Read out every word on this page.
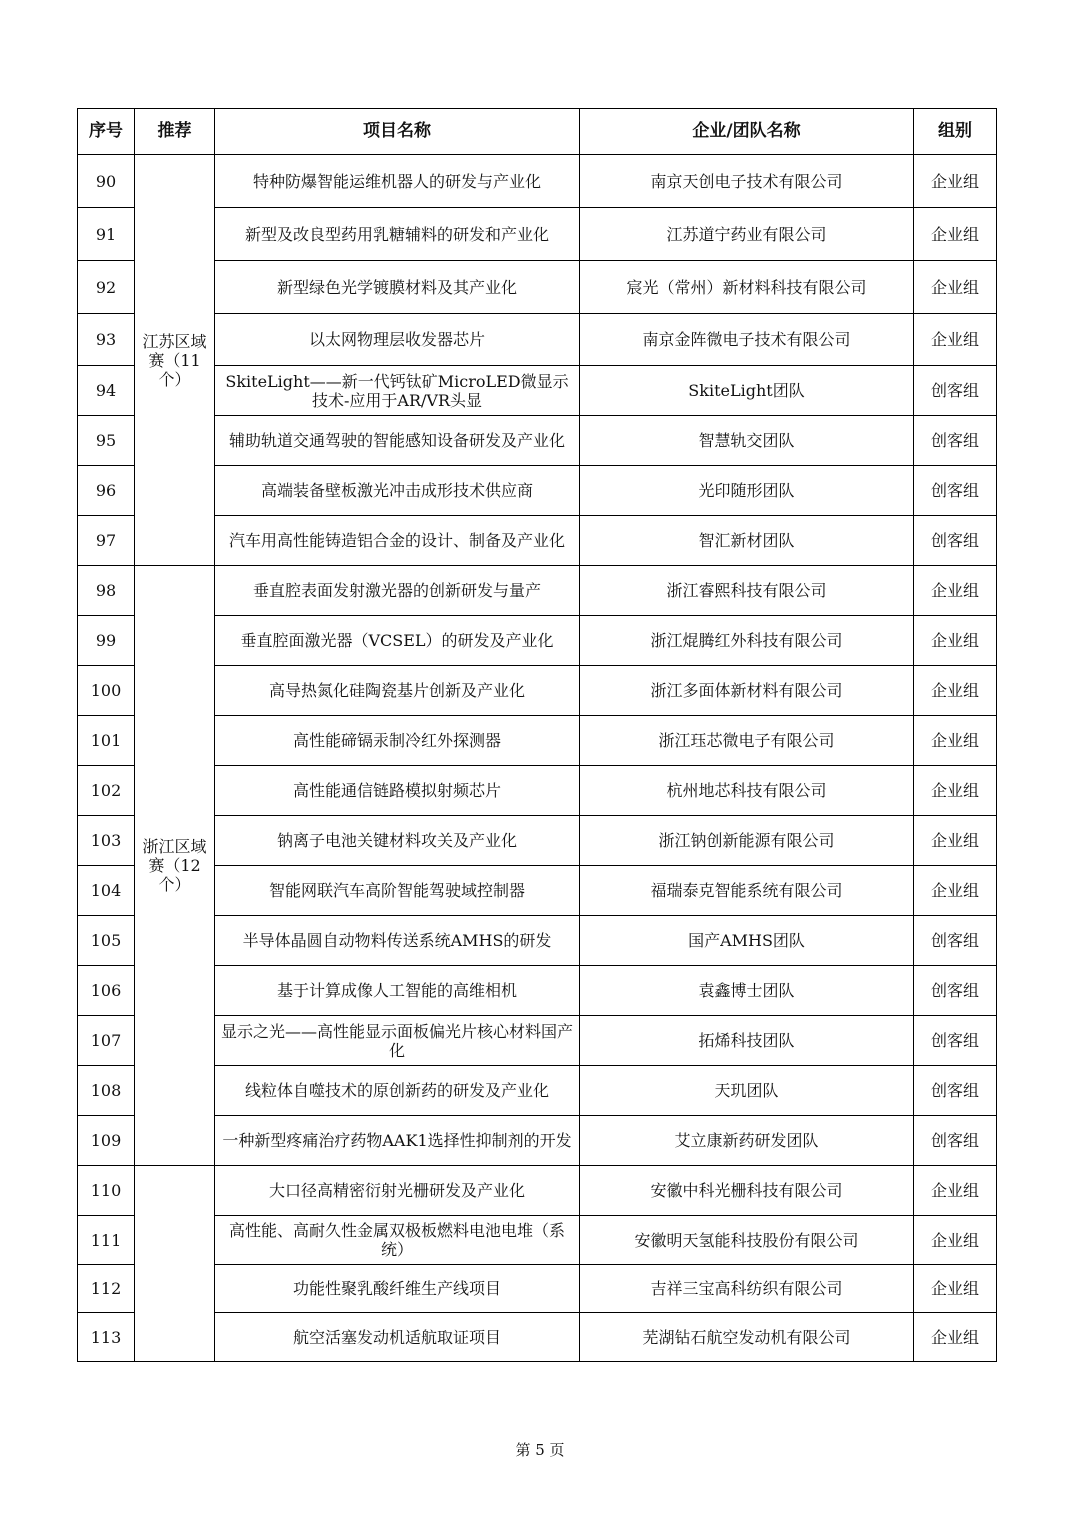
序号	推荐	项目名称	企业/团队名称	组别
90	江苏区域赛（11个）	特种防爆智能运维机器人的研发与产业化	南京天创电子技术有限公司	企业组
91		新型及改良型药用乳糖辅料的研发和产业化	江苏道宁药业有限公司	企业组
92		新型绿色光学镀膜材料及其产业化	宸光（常州）新材料科技有限公司	企业组
93		以太网物理层收发器芯片	南京金阵微电子技术有限公司	企业组
94		SkiteLight——新一代钙钛矿MicroLED微显示技术-应用于AR/VR头显	SkiteLight团队	创客组
95		辅助轨道交通驾驶的智能感知设备研发及产业化	智慧轨交团队	创客组
96		高端装备壁板激光冲击成形技术供应商	光印随形团队	创客组
97		汽车用高性能铸造铝合金的设计、制备及产业化	智汇新材团队	创客组
98	浙江区域赛（12个）	垂直腔表面发射激光器的创新研发与量产	浙江睿熙科技有限公司	企业组
99		垂直腔面激光器（VCSEL）的研发及产业化	浙江焜腾红外科技有限公司	企业组
100		高导热氮化硅陶瓷基片创新及产业化	浙江多面体新材料有限公司	企业组
101		高性能碲镉汞制冷红外探测器	浙江珏芯微电子有限公司	企业组
102		高性能通信链路模拟射频芯片	杭州地芯科技有限公司	企业组
103		钠离子电池关键材料攻关及产业化	浙江钠创新能源有限公司	企业组
104		智能网联汽车高阶智能驾驶域控制器	福瑞泰克智能系统有限公司	企业组
105		半导体晶圆自动物料传送系统AMHS的研发	国产AMHS团队	创客组
106		基于计算成像人工智能的高维相机	袁鑫博士团队	创客组
107		显示之光——高性能显示面板偏光片核心材料国产化	拓烯科技团队	创客组
108		线粒体自噬技术的原创新药的研发及产业化	天玑团队	创客组
109		一种新型疼痛治疗药物AAK1选择性抑制剂的开发	艾立康新药研发团队	创客组
110		大口径高精密衍射光栅研发及产业化	安徽中科光栅科技有限公司	企业组
111		高性能、高耐久性金属双极板燃料电池电堆（系统）	安徽明天氢能科技股份有限公司	企业组
112		功能性聚乳酸纤维生产线项目	吉祥三宝高科纺织有限公司	企业组
113		航空活塞发动机适航取证项目	芜湖钻石航空发动机有限公司	企业组
第 5 页
